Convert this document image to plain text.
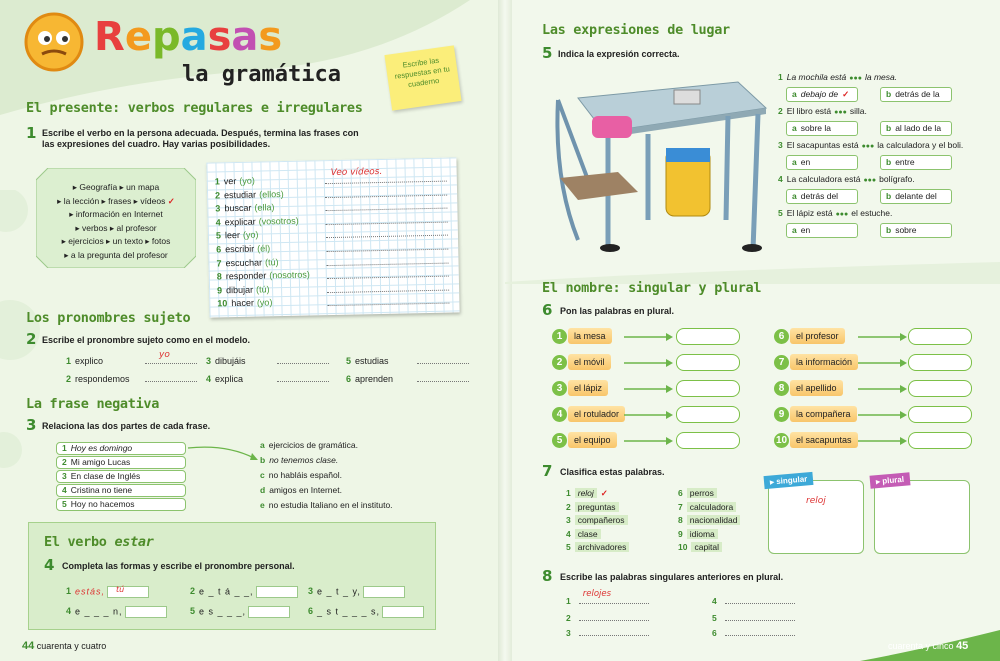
Repasas
la gramática	Escribe las respuestas en tu cuaderno
El presente: verbos regulares e irregulares
1 Escribe el verbo en la persona adecuada. Después, termina las frases con las expresiones del cuadro. Hay varias posibilidades.
▸ Geografía ▸ un mapa
▸ la lección ▸ frases ▸ vídeos ✓
▸ información en Internet
▸ verbos ▸ al profesor
▸ ejercicios ▸ un texto ▸ fotos
▸ a la pregunta del profesor
1 ver (yo)
Veo vídeos.
2 estudiar (ellos)
3 buscar (ella)
4 explicar (vosotros)
5 leer (yo)
6 escribir (él)
7 escuchar (tú)
8 responder (nosotros)
9 dibujar (tú)
10 hacer (yo)
Los pronombres sujeto
2 Escribe el pronombre sujeto como en el modelo.
La frase negativa
3 Relaciona las dos partes de cada frase.
El verbo estar
4 Completa las formas y escribe el pronombre personal.
44 cuarenta y cuatro
Las expresiones de lugar
5 Indica la expresión correcta.
El nombre: singular y plural
6 Pon las palabras en plural.
7 Clasifica estas palabras.
▸ singular
reloj
▸ plural
8 Escribe las palabras singulares anteriores en plural.
cuarenta y cinco 45
1 explico
yo
2 respondemos
3 dibujáis
4 explica
5 estudias
6 aprenden
1 Hoy es domingo
2 Mi amigo Lucas
3 En clase de Inglés
4 Cristina no tiene
5 Hoy no hacemos
a ejercicios de gramática.
b no tenemos clase.
c no habláis español.
d amigos en Internet.
e no estudia Italiano en el instituto.
1 estás, tú	2 e _ t á _ _,	3 e _ t _ y,
4 e _ _ _ n,	5 e s _ _ _,	6 _ s t _ _ _ s,
1 La mochila está ●●● la mesa.
a debajo de ✓	b detrás de la
2 El libro está ●●● silla.
a sobre la	b al lado de la
3 El sacapuntas está ●●● la calculadora y el boli.
a en	b entre
4 La calculadora está ●●● bolígrafo.
a detrás del	b delante del
5 El lápiz está ●●● el estuche.
a en	b sobre
1	la mesa
2	el móvil
3	el lápiz
4	el rotulador
5	el equipo
6	el profesor
7	la información
8	el apellido
9	la compañera
10 el sacapuntas
1 reloj ✓
2 preguntas
3 compañeros
4 clase
5 archivadores
6 perros
7 calculadora
8 nacionalidad
9 idioma
10 capital
1
relojes
2
3
4
5
6
